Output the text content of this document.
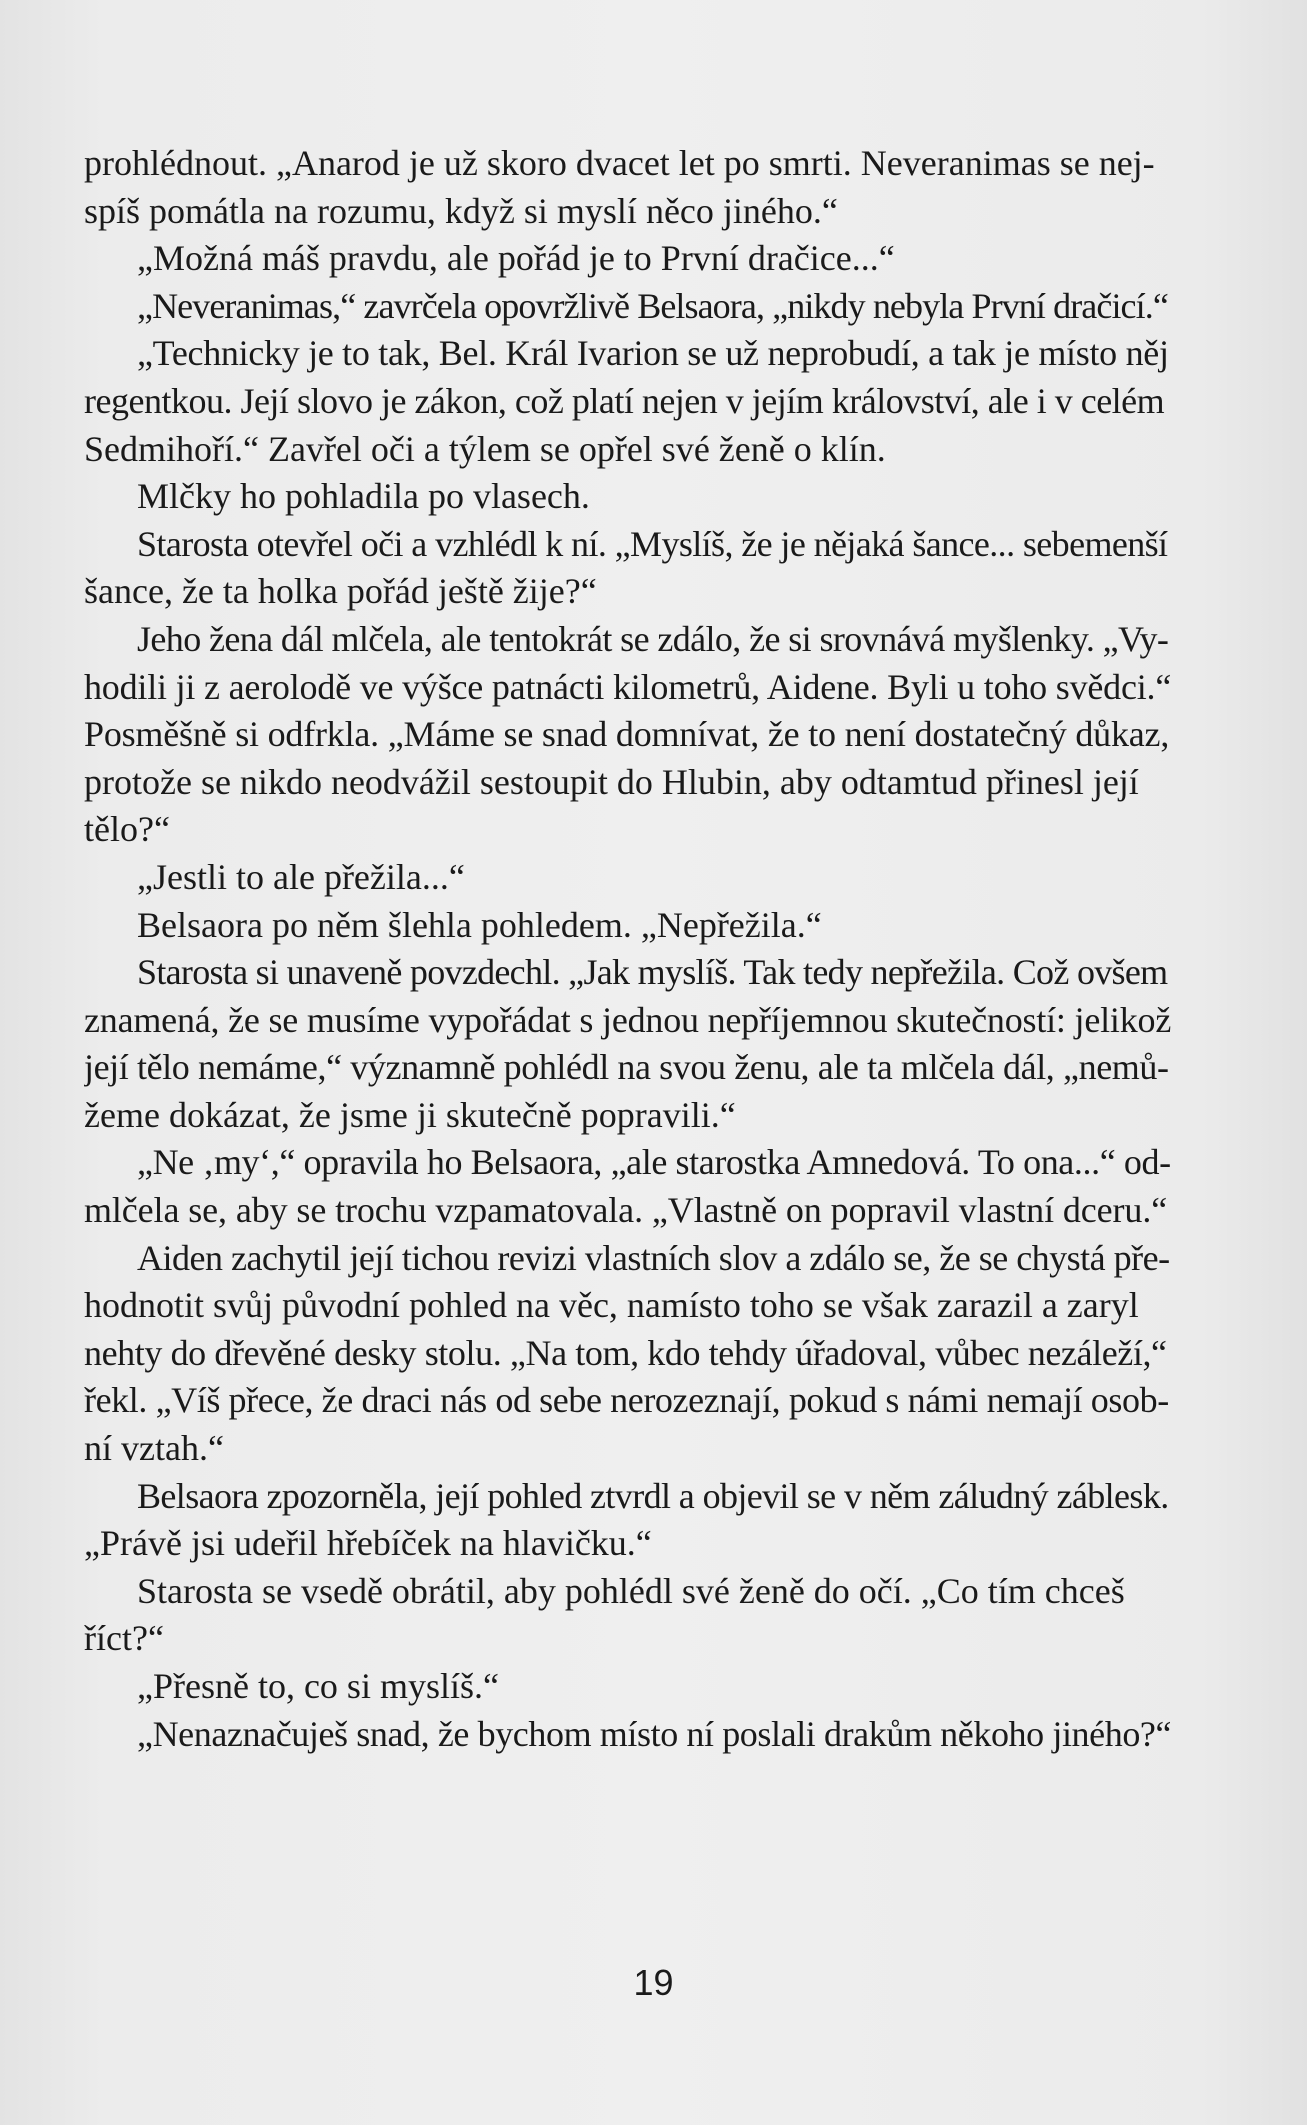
prohlédnout. „Anarod je už skoro dvacet let po smrti. Neveranimas se nej-
spíš pomátla na rozumu, když si myslí něco jiného.“
„Možná máš pravdu, ale pořád je to První dračice...“
„Neveranimas,“ zavrčela opovržlivě Belsaora, „nikdy nebyla První dračicí.“
„Technicky je to tak, Bel. Král Ivarion se už neprobudí, a tak je místo něj
regentkou. Její slovo je zákon, což platí nejen v jejím království, ale i v celém
Sedmihoří.“ Zavřel oči a týlem se opřel své ženě o klín.
Mlčky ho pohladila po vlasech.
Starosta otevřel oči a vzhlédl k ní. „Myslíš, že je nějaká šance... sebemenší
šance, že ta holka pořád ještě žije?“
Jeho žena dál mlčela, ale tentokrát se zdálo, že si srovnává myšlenky. „Vy-
hodili ji z aerolodě ve výšce patnácti kilometrů, Aidene. Byli u toho svědci.“
Posměšně si odfrkla. „Máme se snad domnívat, že to není dostatečný důkaz,
protože se nikdo neodvážil sestoupit do Hlubin, aby odtamtud přinesl její
tělo?“
„Jestli to ale přežila...“
Belsaora po něm šlehla pohledem. „Nepřežila.“
Starosta si unaveně povzdechl. „Jak myslíš. Tak tedy nepřežila. Což ovšem
znamená, že se musíme vypořádat s jednou nepříjemnou skutečností: jelikož
její tělo nemáme,“ významně pohlédl na svou ženu, ale ta mlčela dál, „nemů-
žeme dokázat, že jsme ji skutečně popravili.“
„Ne ‚my‘,“ opravila ho Belsaora, „ale starostka Amnedová. To ona...“ od-
mlčela se, aby se trochu vzpamatovala. „Vlastně on popravil vlastní dceru.“
Aiden zachytil její tichou revizi vlastních slov a zdálo se, že se chystá pře-
hodnotit svůj původní pohled na věc, namísto toho se však zarazil a zaryl
nehty do dřevěné desky stolu. „Na tom, kdo tehdy úřadoval, vůbec nezáleží,“
řekl. „Víš přece, že draci nás od sebe nerozeznají, pokud s námi nemají osob-
ní vztah.“
Belsaora zpozorněla, její pohled ztvrdl a objevil se v něm záludný záblesk.
„Právě jsi udeřil hřebíček na hlavičku.“
Starosta se vsedě obrátil, aby pohlédl své ženě do očí. „Co tím chceš
říct?“
„Přesně to, co si myslíš.“
„Nenaznačuješ snad, že bychom místo ní poslali drakům někoho jiného?“
19
